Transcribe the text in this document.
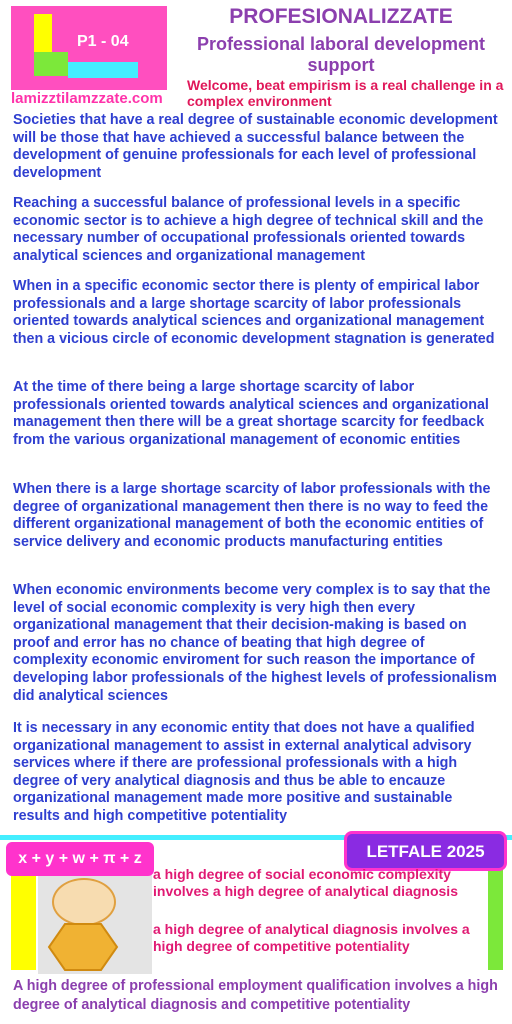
P1 - 04
lamizztilamzzate.com
PROFESIONALIZZATE
Professional laboral development support
Welcome, beat empirism is a real challenge in a complex environment
Societies that have a real degree of sustainable economic development will be those that have achieved a successful balance between the development of genuine professionals for each level of professional development
Reaching a successful balance of professional levels in a specific economic sector is to achieve a high degree of technical skill and the necessary number of occupational professionals oriented towards analytical sciences and organizational management
When in a specific economic sector there is plenty of empirical labor professionals and a large shortage scarcity of labor professionals oriented towards analytical sciences and organizational management then a vicious circle of economic development stagnation is generated
At the time of there being a large shortage scarcity of labor professionals oriented towards analytical sciences and organizational management then there will be a great shortage scarcity for feedback from the various organizational management of economic entities
When there is a large shortage scarcity of labor professionals with the degree of organizational management then there is no way to feed the different organizational management of both the economic entities of service delivery and economic products manufacturing entities
When economic environments become very complex is to say that the level of social economic complexity is very high then every organizational management that their decision-making is based on proof and error has no chance of beating that high degree of complexity economic enviroment for such reason the importance of developing labor professionals of the highest levels of professionalism did analytical sciences
It is necessary in any economic entity that does not have a qualified organizational management to assist in external analytical advisory services where if there are professional professionals with a high degree of very analytical diagnosis and thus be able to encauze organizational management made more positive and sustainable results and high competitive potentiality
x + y + w + π + z	LETFALE 2025
a high degree of social economic complexity involves a high degree of analytical diagnosis
a high degree of analytical diagnosis involves a high degree of competitive potentiality
A high degree of professional employment qualification involves a high degree of analytical diagnosis and competitive potentiality
